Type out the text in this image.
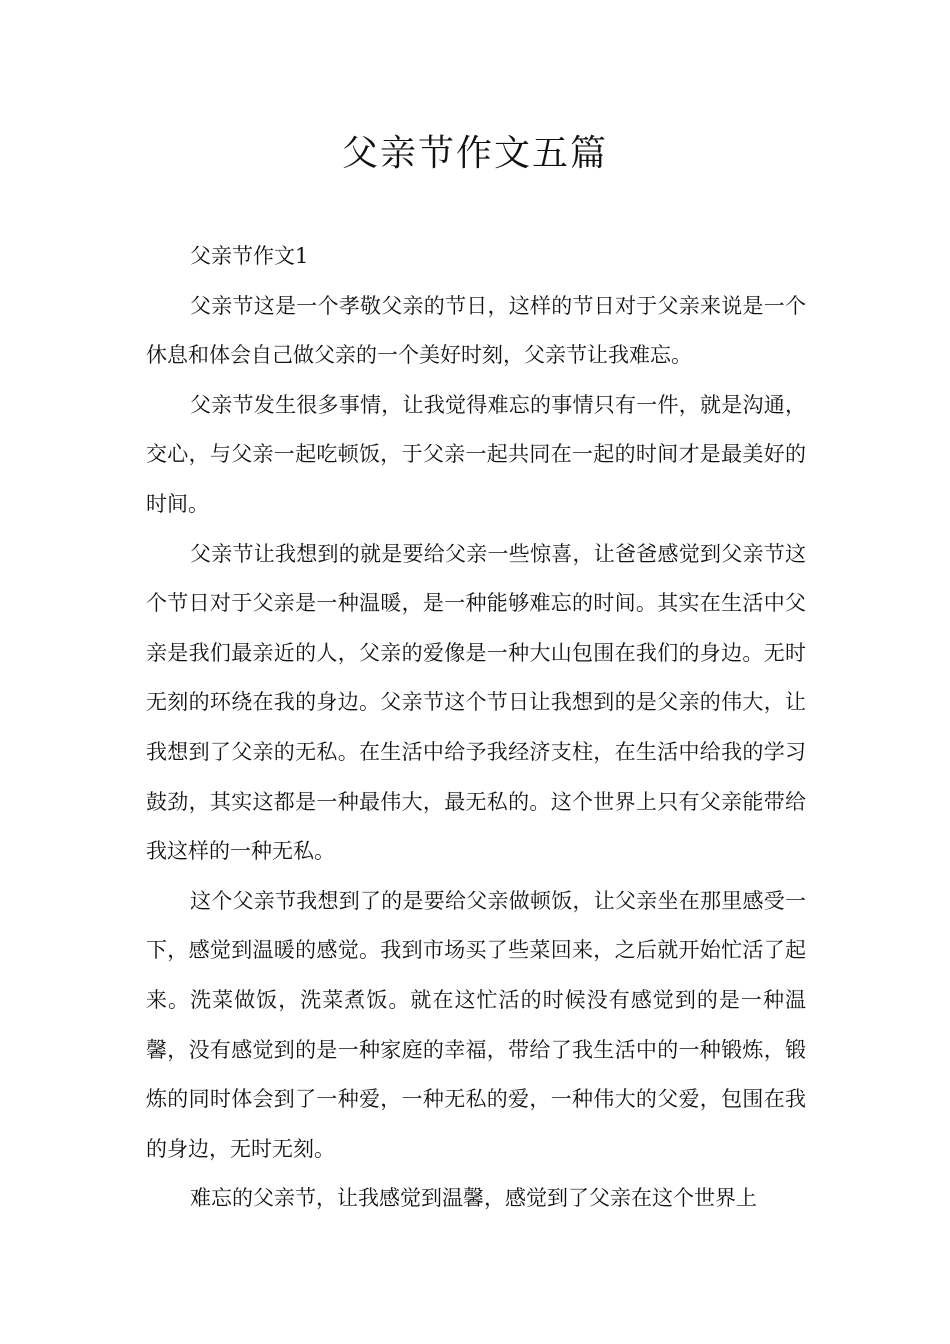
父亲节作文五篇

父亲节作文1

父亲节这是一个孝敬父亲的节日，这样的节日对于父亲来说是一个休息和体会自己做父亲的一个美好时刻，父亲节让我难忘。

父亲节发生很多事情，让我觉得难忘的事情只有一件，就是沟通，交心，与父亲一起吃顿饭，于父亲一起共同在一起的时间才是最美好的时间。

父亲节让我想到的就是要给父亲一些惊喜，让爸爸感觉到父亲节这个节日对于父亲是一种温暖，是一种能够难忘的时间。其实在生活中父亲是我们最亲近的人，父亲的爱像是一种大山包围在我们的身边。无时无刻的环绕在我的身边。父亲节这个节日让我想到的是父亲的伟大，让我想到了父亲的无私。在生活中给予我经济支柱，在生活中给我的学习鼓劲，其实这都是一种最伟大，最无私的。这个世界上只有父亲能带给我这样的一种无私。

这个父亲节我想到了的是要给父亲做顿饭，让父亲坐在那里感受一下，感觉到温暖的感觉。我到市场买了些菜回来，之后就开始忙活了起来。洗菜做饭，洗菜煮饭。就在这忙活的时候没有感觉到的是一种温馨，没有感觉到的是一种家庭的幸福，带给了我生活中的一种锻炼，锻炼的同时体会到了一种爱，一种无私的爱，一种伟大的父爱，包围在我的身边，无时无刻。

难忘的父亲节，让我感觉到温馨，感觉到了父亲在这个世界上
